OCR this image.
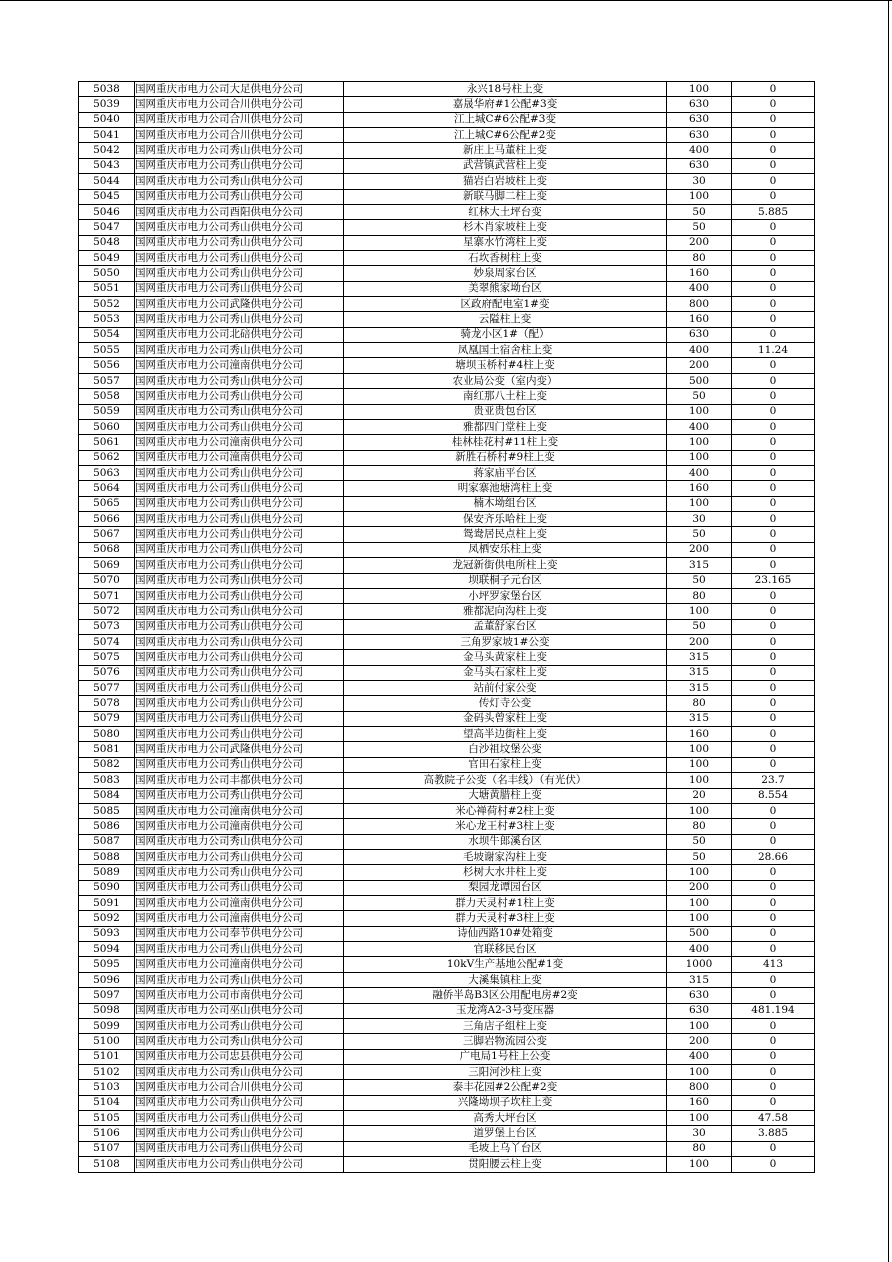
5038	国网重庆市电力公司大足供电分公司	永兴18号柱上变	100	0
5039	国网重庆市电力公司合川供电分公司	嘉晟华府#1公配#3变	630	0
5040	国网重庆市电力公司合川供电分公司	江上城C#6公配#3变	630	0
5041	国网重庆市电力公司合川供电分公司	江上城C#6公配#2变	630	0
5042	国网重庆市电力公司秀山供电分公司	新庄上马董柱上变	400	0
5043	国网重庆市电力公司秀山供电分公司	武营镇武营柱上变	630	0
5044	国网重庆市电力公司秀山供电分公司	猫岩白岩坡柱上变	30	0
5045	国网重庆市电力公司秀山供电分公司	新联马脚二柱上变	100	0
5046	国网重庆市电力公司酉阳供电分公司	红林大土坪台变	50	5.885
5047	国网重庆市电力公司秀山供电分公司	杉木肖家坡柱上变	50	0
5048	国网重庆市电力公司秀山供电分公司	星寨水竹湾柱上变	200	0
5049	国网重庆市电力公司秀山供电分公司	石坎香树柱上变	80	0
5050	国网重庆市电力公司秀山供电分公司	妙泉周家台区	160	0
5051	国网重庆市电力公司秀山供电分公司	美翠熊家坳台区	400	0
5052	国网重庆市电力公司武隆供电分公司	区政府配电室1#变	800	0
5053	国网重庆市电力公司秀山供电分公司	云隘柱上变	160	0
5054	国网重庆市电力公司北碚供电分公司	骑龙小区1#（配）	630	0
5055	国网重庆市电力公司秀山供电分公司	凤凰国土宿舍柱上变	400	11.24
5056	国网重庆市电力公司潼南供电分公司	塘坝玉桥村#4柱上变	200	0
5057	国网重庆市电力公司秀山供电分公司	农业局公变（室内变）	500	0
5058	国网重庆市电力公司秀山供电分公司	南红那八土柱上变	50	0
5059	国网重庆市电力公司秀山供电分公司	贵亚贵包台区	100	0
5060	国网重庆市电力公司秀山供电分公司	雅都四门堂柱上变	400	0
5061	国网重庆市电力公司潼南供电分公司	桂林桂花村#11柱上变	100	0
5062	国网重庆市电力公司潼南供电分公司	新胜石桥村#9柱上变	100	0
5063	国网重庆市电力公司秀山供电分公司	蒋家庙平台区	400	0
5064	国网重庆市电力公司秀山供电分公司	明家寨池塘湾柱上变	160	0
5065	国网重庆市电力公司秀山供电分公司	楠木坳组台区	100	0
5066	国网重庆市电力公司秀山供电分公司	保安齐乐哈柱上变	30	0
5067	国网重庆市电力公司秀山供电分公司	鸳鸯居民点柱上变	50	0
5068	国网重庆市电力公司秀山供电分公司	凤栖安乐柱上变	200	0
5069	国网重庆市电力公司秀山供电分公司	龙冠新街供电所柱上变	315	0
5070	国网重庆市电力公司秀山供电分公司	坝联桐子元台区	50	23.165
5071	国网重庆市电力公司秀山供电分公司	小坪罗家堡台区	80	0
5072	国网重庆市电力公司秀山供电分公司	雅都泥向沟柱上变	100	0
5073	国网重庆市电力公司秀山供电分公司	孟董舒家台区	50	0
5074	国网重庆市电力公司秀山供电分公司	三角罗家坡1#公变	200	0
5075	国网重庆市电力公司秀山供电分公司	金马头黄家柱上变	315	0
5076	国网重庆市电力公司秀山供电分公司	金马头石家柱上变	315	0
5077	国网重庆市电力公司秀山供电分公司	站前付家公变	315	0
5078	国网重庆市电力公司秀山供电分公司	传灯寺公变	80	0
5079	国网重庆市电力公司秀山供电分公司	金码头曾家柱上变	315	0
5080	国网重庆市电力公司秀山供电分公司	望高半边街柱上变	160	0
5081	国网重庆市电力公司武隆供电分公司	白沙祖坟堡公变	100	0
5082	国网重庆市电力公司秀山供电分公司	官田石家柱上变	100	0
5083	国网重庆市电力公司丰都供电分公司	高教院子公变（名丰线）（有光伏）	100	23.7
5084	国网重庆市电力公司秀山供电分公司	大塘黄腊柱上变	20	8.554
5085	国网重庆市电力公司潼南供电分公司	米心禅荷村#2柱上变	100	0
5086	国网重庆市电力公司潼南供电分公司	米心龙王村#3柱上变	80	0
5087	国网重庆市电力公司秀山供电分公司	水坝牛郎溪台区	50	0
5088	国网重庆市电力公司秀山供电分公司	毛坡谢家沟柱上变	50	28.66
5089	国网重庆市电力公司秀山供电分公司	杉树大水井柱上变	100	0
5090	国网重庆市电力公司秀山供电分公司	梨园龙谭园台区	200	0
5091	国网重庆市电力公司潼南供电分公司	群力天灵村#1柱上变	100	0
5092	国网重庆市电力公司潼南供电分公司	群力天灵村#3柱上变	100	0
5093	国网重庆市电力公司奉节供电分公司	诗仙西路10#处箱变	500	0
5094	国网重庆市电力公司秀山供电分公司	官联移民台区	400	0
5095	国网重庆市电力公司潼南供电分公司	10kV生产基地公配#1变	1000	413
5096	国网重庆市电力公司秀山供电分公司	大溪集镇柱上变	315	0
5097	国网重庆市电力公司市南供电分公司	融侨半岛B3区公用配电房#2变	630	0
5098	国网重庆市电力公司巫山供电分公司	玉龙湾A2-3号变压器	630	481.194
5099	国网重庆市电力公司秀山供电分公司	三角店子组柱上变	100	0
5100	国网重庆市电力公司秀山供电分公司	三脚岩物流园公变	200	0
5101	国网重庆市电力公司忠县供电分公司	广电局1号柱上公变	400	0
5102	国网重庆市电力公司秀山供电分公司	三阳河沙柱上变	100	0
5103	国网重庆市电力公司合川供电分公司	泰丰花园#2公配#2变	800	0
5104	国网重庆市电力公司秀山供电分公司	兴隆坳坝子坎柱上变	160	0
5105	国网重庆市电力公司秀山供电分公司	高秀大坪台区	100	47.58
5106	国网重庆市电力公司秀山供电分公司	道罗堡上台区	30	3.885
5107	国网重庆市电力公司秀山供电分公司	毛坡上乌丫台区	80	0
5108	国网重庆市电力公司秀山供电分公司	贯阳腰云柱上变	100	0
